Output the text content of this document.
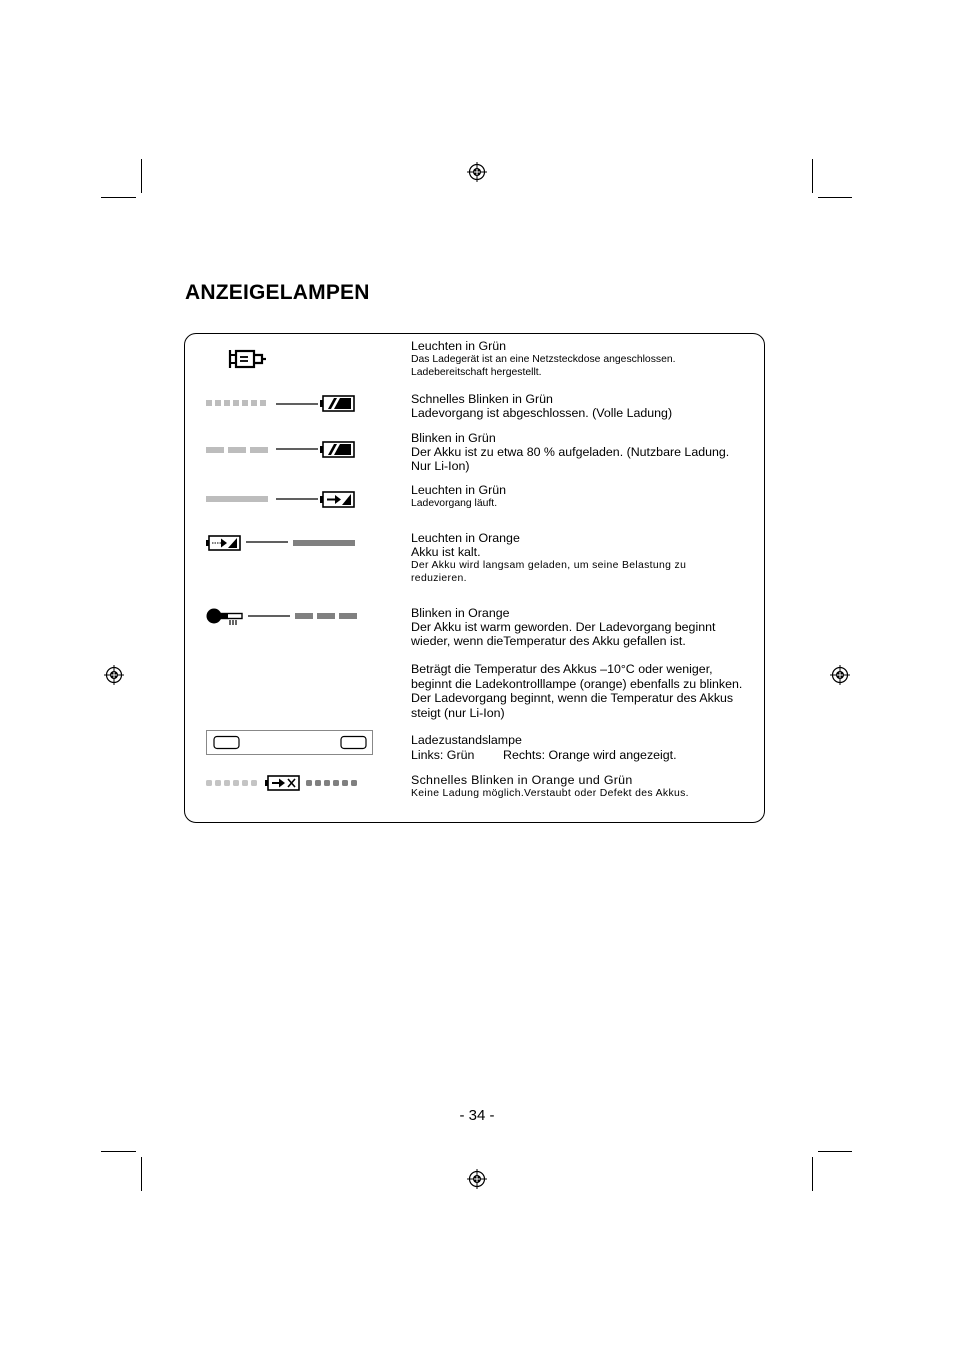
ANZEIGELAMPEN
Leuchten in Grün
Das Ladegerät ist an eine Netzsteckdose angeschlossen.
Ladebereitschaft hergestellt.
Schnelles Blinken in Grün
Ladevorgang ist abgeschlossen. (Volle Ladung)
Blinken in Grün
Der Akku ist zu etwa 80 % aufgeladen. (Nutzbare Ladung.
Nur Li-Ion)
Leuchten in Grün
Ladevorgang läuft.
Leuchten in Orange
Akku ist kalt.
Der Akku wird langsam geladen, um seine Belastung zu
reduzieren.
Blinken in Orange
Der Akku ist warm geworden. Der Ladevorgang beginnt
wieder, wenn dieTemperatur des Akku gefallen ist.
Beträgt die Temperatur des Akkus –10°C oder weniger,
beginnt die Ladekontrolllampe (orange) ebenfalls zu blinken.
Der Ladevorgang beginnt, wenn die Temperatur des Akkus
steigt (nur Li-Ion)
Ladezustandslampe
Links: Grün Rechts: Orange wird angezeigt.
Schnelles Blinken in Orange und Grün
Keine Ladung möglich.Verstaubt oder Defekt des Akkus.
- 34 -
